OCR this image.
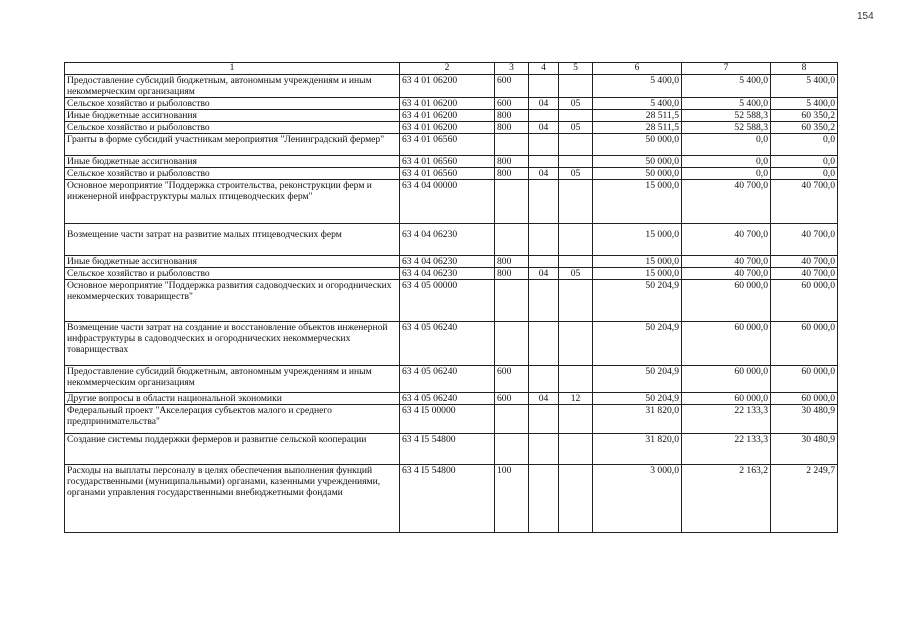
154
1	2	3	4	5	6	7	8
Предоставление субсидий бюджетным, автономным учреждениям и иным некоммерческим организациям	63 4 01 06200	600			5 400,0	5 400,0	5 400,0
Сельское хозяйство и рыболовство	63 4 01 06200	600	04	05	5 400,0	5 400,0	5 400,0
Иные бюджетные ассигнования	63 4 01 06200	800			28 511,5	52 588,3	60 350,2
Сельское хозяйство и рыболовство	63 4 01 06200	800	04	05	28 511,5	52 588,3	60 350,2
Гранты в форме субсидий участникам мероприятия "Ленинградский фермер"	63 4 01 06560				50 000,0	0,0	0,0
Иные бюджетные ассигнования	63 4 01 06560	800			50 000,0	0,0	0,0
Сельское хозяйство и рыболовство	63 4 01 06560	800	04	05	50 000,0	0,0	0,0
Основное мероприятие "Поддержка строительства, реконструкции ферм и инженерной инфраструктуры малых птицеводческих ферм"	63 4 04 00000				15 000,0	40 700,0	40 700,0
Возмещение части затрат на развитие малых птицеводческих ферм	63 4 04 06230				15 000,0	40 700,0	40 700,0
Иные бюджетные ассигнования	63 4 04 06230	800			15 000,0	40 700,0	40 700,0
Сельское хозяйство и рыболовство	63 4 04 06230	800	04	05	15 000,0	40 700,0	40 700,0
Основное мероприятие "Поддержка развития садоводческих и огороднических некоммерческих товариществ"	63 4 05 00000				50 204,9	60 000,0	60 000,0
Возмещение части затрат на создание и восстановление объектов инженерной инфраструктуры в садоводческих и огороднических некоммерческих товариществах	63 4 05 06240				50 204,9	60 000,0	60 000,0
Предоставление субсидий бюджетным, автономным учреждениям и иным некоммерческим организациям	63 4 05 06240	600			50 204,9	60 000,0	60 000,0
Другие вопросы в области национальной экономики	63 4 05 06240	600	04	12	50 204,9	60 000,0	60 000,0
Федеральный проект "Акселерация субъектов малого и среднего предпринимательства"	63 4 I5 00000				31 820,0	22 133,3	30 480,9
Создание системы поддержки фермеров и развитие сельской кооперации	63 4 I5 54800				31 820,0	22 133,3	30 480,9
Расходы на выплаты персоналу в целях обеспечения выполнения функций государственными (муниципальными) органами, казенными учреждениями, органами управления государственными внебюджетными фондами	63 4 I5 54800	100			3 000,0	2 163,2	2 249,7
